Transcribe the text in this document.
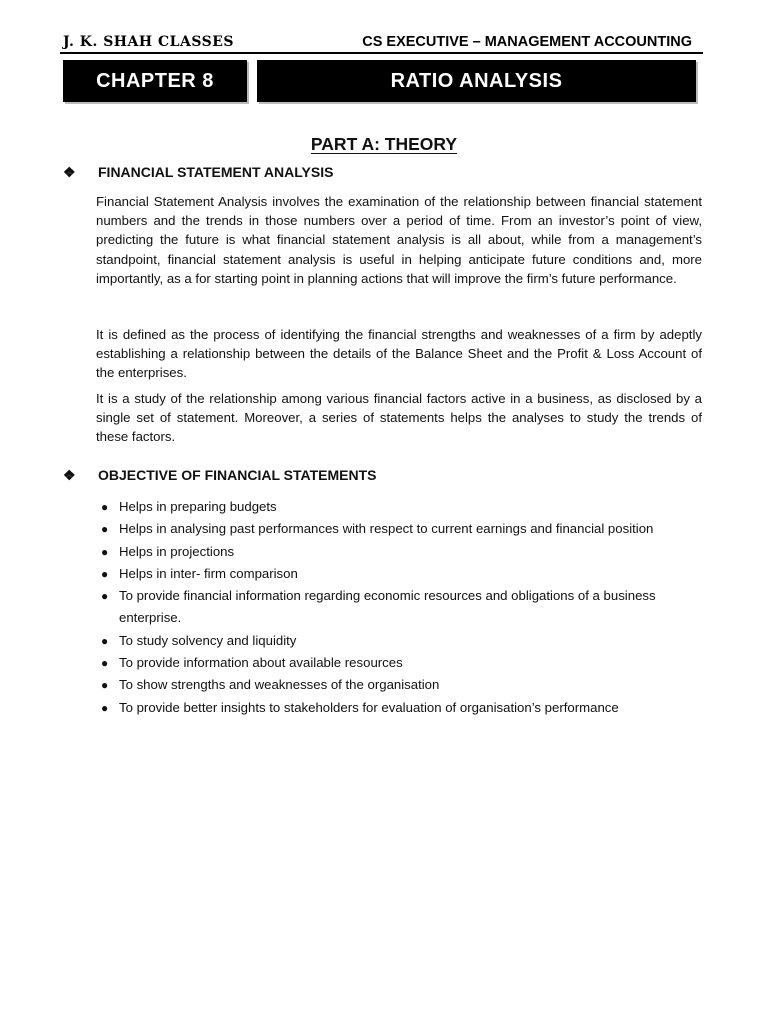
J. K. SHAH CLASSES	CS EXECUTIVE – MANAGEMENT ACCOUNTING
CHAPTER 8	RATIO ANALYSIS
PART A: THEORY
❖	FINANCIAL STATEMENT ANALYSIS

Financial Statement Analysis involves the examination of the relationship between financial statement numbers and the trends in those numbers over a period of time. From an investor’s point of view, predicting the future is what financial statement analysis is all about, while from a management’s standpoint, financial statement analysis is useful in helping anticipate future conditions and, more importantly, as a for starting point in planning actions that will improve the firm’s future performance.

It is defined as the process of identifying the financial strengths and weaknesses of a firm by adeptly establishing a relationship between the details of the Balance Sheet and the Profit & Loss Account of the enterprises.

It is a study of the relationship among various financial factors active in a business, as disclosed by a single set of statement. Moreover, a series of statements helps the analyses to study the trends of these factors.

❖	OBJECTIVE OF FINANCIAL STATEMENTS
● Helps in preparing budgets
● Helps in analysing past performances with respect to current earnings and financial position
● Helps in projections
● Helps in inter- firm comparison
● To provide financial information regarding economic resources and obligations of a business enterprise.
● To study solvency and liquidity
● To provide information about available resources
● To show strengths and weaknesses of the organisation
● To provide better insights to stakeholders for evaluation of organisation’s performance
